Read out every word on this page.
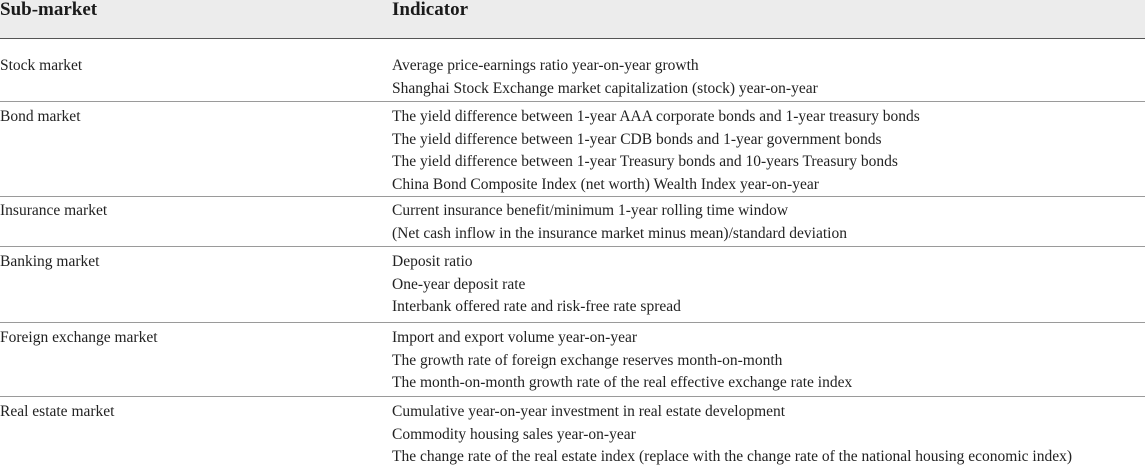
Sub-market	Indicator
Stock market	Average price-earnings ratio year-on-year growth
Shanghai Stock Exchange market capitalization (stock) year-on-year
Bond market	The yield difference between 1-year AAA corporate bonds and 1-year treasury bonds
The yield difference between 1-year CDB bonds and 1-year government bonds
The yield difference between 1-year Treasury bonds and 10-years Treasury bonds
China Bond Composite Index (net worth) Wealth Index year-on-year
Insurance market	Current insurance benefit/minimum 1-year rolling time window
(Net cash inflow in the insurance market minus mean)/standard deviation
Banking market	Deposit ratio
One-year deposit rate
Interbank offered rate and risk-free rate spread
Foreign exchange market	Import and export volume year-on-year
The growth rate of foreign exchange reserves month-on-month
The month-on-month growth rate of the real effective exchange rate index
Real estate market	Cumulative year-on-year investment in real estate development
Commodity housing sales year-on-year
The change rate of the real estate index (replace with the change rate of the national housing economic index)
